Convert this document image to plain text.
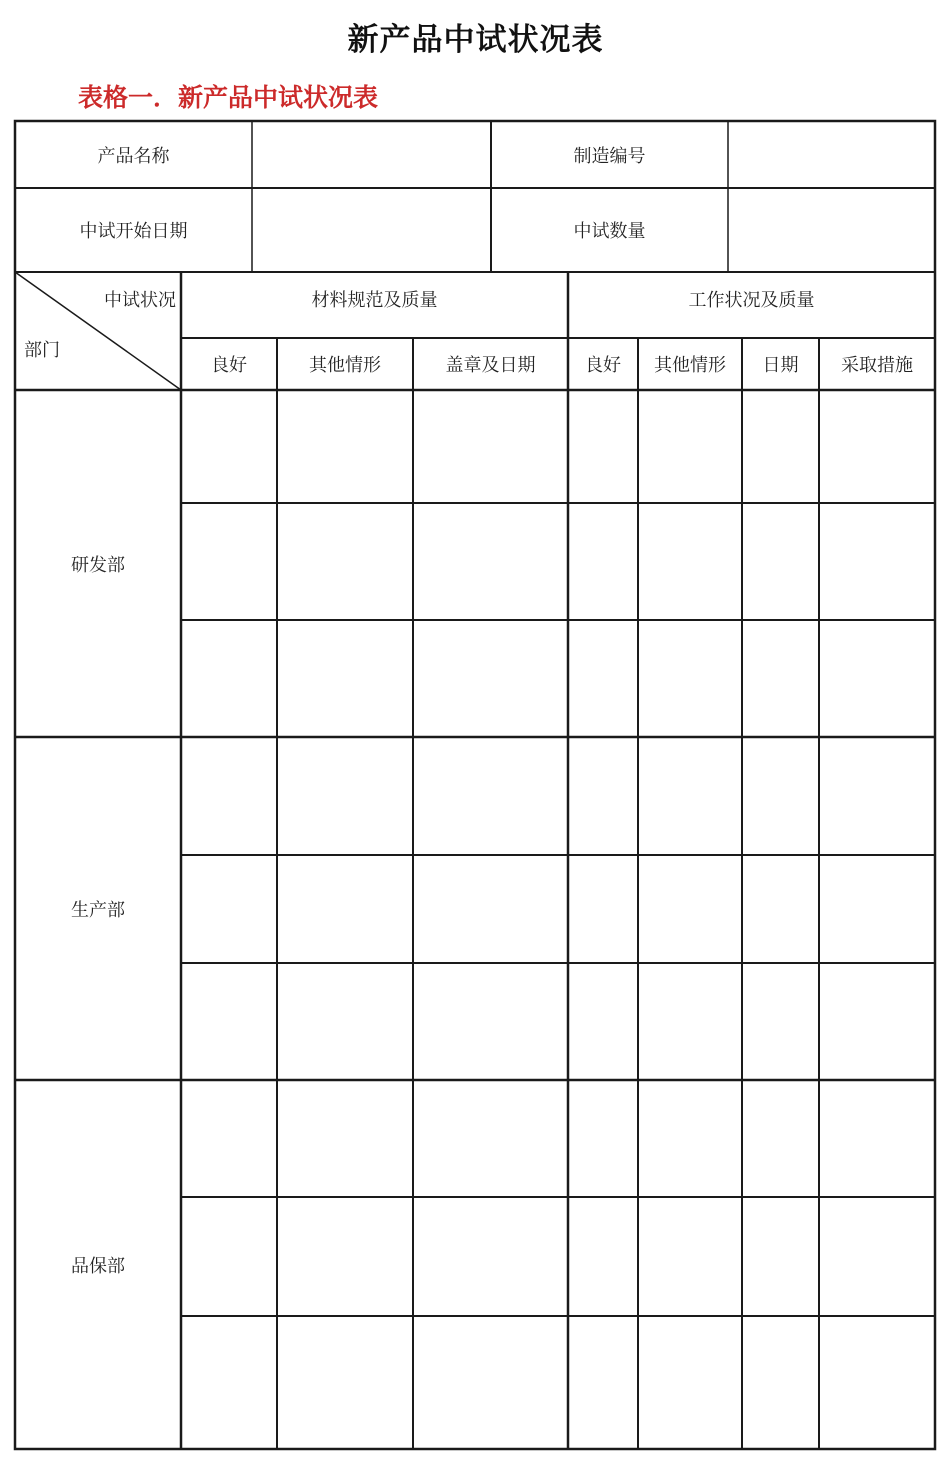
新产品中试状况表
表格一．新产品中试状况表
产品名称	制造编号
中试开始日期	中试数量
中试状况
部门
材料规范及质量	工作状况及质量
良好	其他情形	盖章及日期	良好	其他情形	日期	采取措施
研发部
生产部
品保部
